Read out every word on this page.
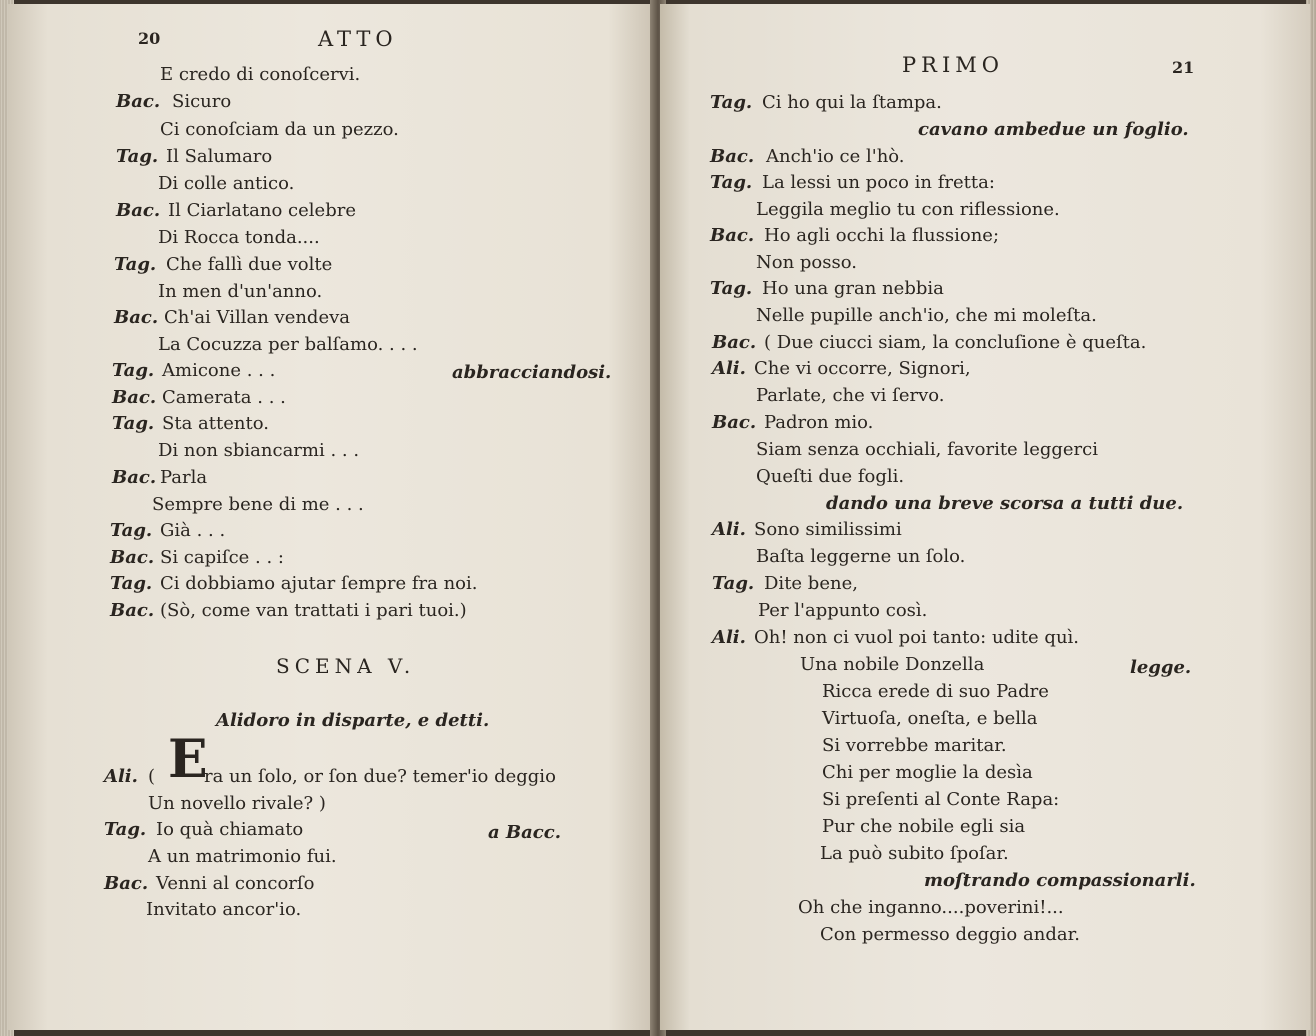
20	ATTO
E credo di conoſcervi.
Bac. Sicuro
Ci conoſciam da un pezzo.
Tag. Il Salumaro
Di colle antico.
Bac. Il Ciarlatano celebre
Di Rocca tonda....
Tag. Che fallì due volte
In men d'un'anno.
Bac. Ch'ai Villan vendeva
La Cocuzza per balſamo. . . .
Tag. Amicone . . .	abbracciandosi.
Bac. Camerata . . .
Tag. Sta attento.
Di non sbiancarmi . . .
Bac. Parla
Sempre bene di me . . .
Tag. Già . . .
Bac. Si capiſce . . :
Tag. Ci dobbiamo ajutar ſempre fra noi.
Bac. (Sò, come van trattati i pari tuoi.)
SCENA V.
Alidoro in disparte, e detti.
Ali. ( E
ra un ſolo, or ſon due? temer'io deggio
Un novello rivale? )
Tag. Io quà chiamato	a Bacc.
A un matrimonio fui.
Bac. Venni al concorſo
Invitato ancor'io.
PRIMO	21
Tag. Ci ho qui la ſtampa.
cavano ambedue un foglio.
Bac. Anch'io ce l'hò.
Tag. La lessi un poco in fretta:
Leggila meglio tu con riflessione.
Bac. Ho agli occhi la flussione;
Non posso.
Tag. Ho una gran nebbia
Nelle pupille anch'io, che mi moleſta.
Bac. ( Due ciucci siam, la concluſione è queſta.
Ali. Che vi occorre, Signori,
Parlate, che vi ſervo.
Bac. Padron mio.
Siam senza occhiali, favorite leggerci
Queſti due fogli.
dando una breve scorsa a tutti due.
Ali. Sono similissimi
Baſta leggerne un ſolo.
Tag. Dite bene,
Per l'appunto così.
Ali. Oh! non ci vuol poi tanto: udite quì.
Una nobile Donzella	legge.
Ricca erede di suo Padre
Virtuoſa, oneſta, e bella
Si vorrebbe maritar.
Chi per moglie la desìa
Si preſenti al Conte Rapa:
Pur che nobile egli sia
La può subito ſpoſar.
moſtrando compassionarli.
Oh che inganno....poverini!...
Con permesso deggio andar.
